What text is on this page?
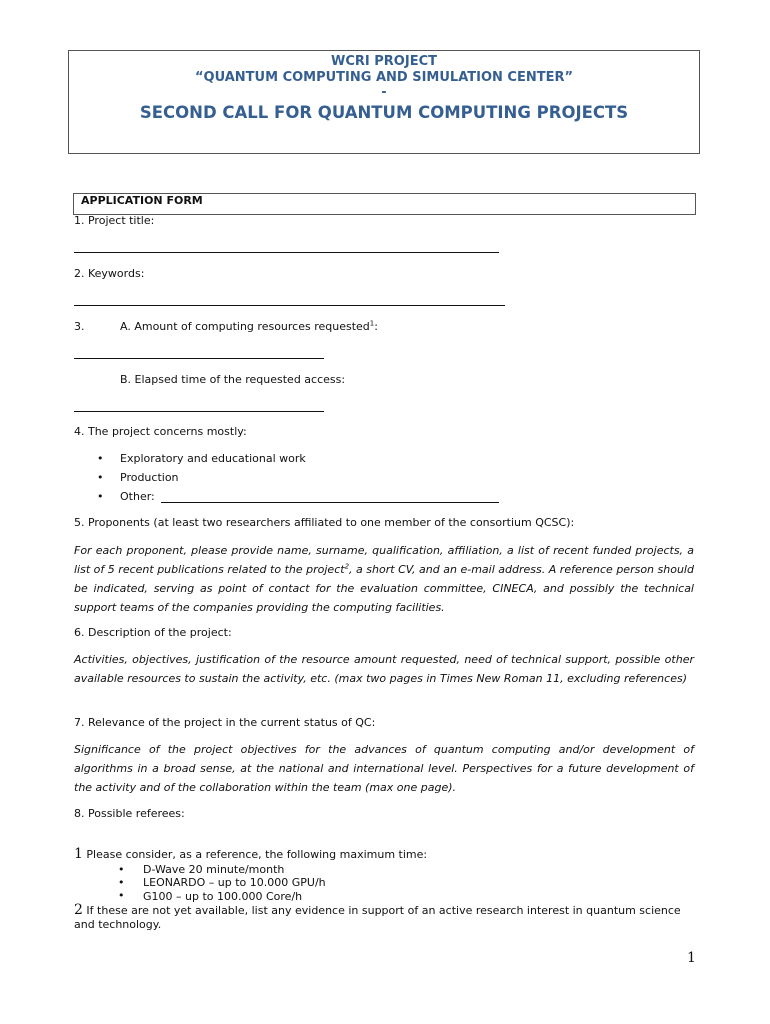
WCRI PROJECT
“QUANTUM COMPUTING AND SIMULATION CENTER”
-
SECOND CALL FOR QUANTUM COMPUTING PROJECTS
APPLICATION FORM
1. Project title:
2. Keywords:
3.	A. Amount of computing resources requested$^1$:
B. Elapsed time of the requested access:
4. The project concerns mostly:
• Exploratory and educational work
• Production
• Other:
5. Proponents (at least two researchers affiliated to one member of the consortium QCSC):
For each proponent, please provide name, surname, qualification, affiliation, a list of recent funded projects, a list of 5 recent publications related to the project$^2$, a short CV, and an e-mail address. A reference person should be indicated, serving as point of contact for the evaluation committee, CINECA, and possibly the technical support teams of the companies providing the computing facilities.
6. Description of the project:
Activities, objectives, justification of the resource amount requested, need of technical support, possible other available resources to sustain the activity, etc. (max two pages in Times New Roman 11, excluding references)
7. Relevance of the project in the current status of QC:
Significance of the project objectives for the advances of quantum computing and/or development of algorithms in a broad sense, at the national and international level. Perspectives for a future development of the activity and of the collaboration within the team (max one page).
8. Possible referees:
1 Please consider, as a reference, the following maximum time:
• D-Wave 20 minute/month
• LEONARDO – up to 10.000 GPU/h
• G100 – up to 100.000 Core/h
2 If these are not yet available, list any evidence in support of an active research interest in quantum science and technology.
1
